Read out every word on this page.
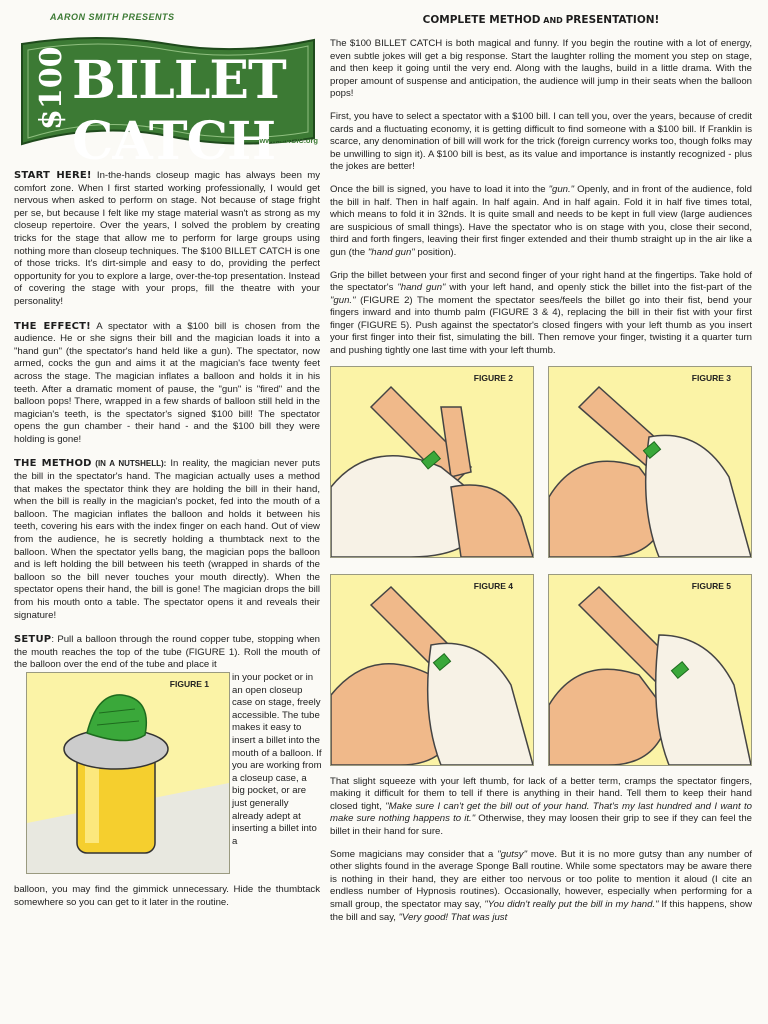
AARON SMITH PRESENTS
$100 BILLET CATCH
www.MAGIC.org

START HERE! In-the-hands closeup magic has always been my comfort zone. When I first started working professionally, I would get nervous when asked to perform on stage. Not because of stage fright per se, but because I felt like my stage material wasn't as strong as my closeup repertoire. Over the years, I solved the problem by creating tricks for the stage that allow me to perform for large groups using nothing more than closeup techniques. The $100 BILLET CATCH is one of those tricks. It's dirt-simple and easy to do, providing the perfect opportunity for you to explore a large, over-the-top presentation. Instead of covering the stage with your props, fill the theatre with your personality!

THE EFFECT! A spectator with a $100 bill is chosen from the audience. He or she signs their bill and the magician loads it into a "hand gun" (the spectator's hand held like a gun). The spectator, now armed, cocks the gun and aims it at the magician's face twenty feet across the stage. The magician inflates a balloon and holds it in his teeth. After a dramatic moment of pause, the "gun" is "fired" and the balloon pops! There, wrapped in a few shards of balloon still held in the magician's teeth, is the spectator's signed $100 bill! The spectator opens the gun chamber - their hand - and the $100 bill they were holding is gone!

THE METHOD (IN A NUTSHELL): In reality, the magician never puts the bill in the spectator's hand. The magician actually uses a method that makes the spectator think they are holding the bill in their hand, when the bill is really in the magician's pocket, fed into the mouth of a balloon. The magician inflates the balloon and holds it between his teeth, covering his ears with the index finger on each hand. Out of view from the audience, he is secretly holding a thumbtack next to the balloon. When the spectator yells bang, the magician pops the balloon and is left holding the bill between his teeth (wrapped in shards of the balloon so the bill never touches your mouth directly). When the spectator opens their hand, the bill is gone! The magician drops the bill from his mouth onto a table. The spectator opens it and reveals their signature!

SETUP: Pull a balloon through the round copper tube, stopping when the mouth reaches the top of the tube (FIGURE 1). Roll the mouth of the balloon over the end of the tube and place it

FIGURE 1

in your pocket or in an open closeup case on stage, freely accessible. The tube makes it easy to insert a billet into the mouth of a balloon. If you are working from a closeup case, a big pocket, or are just generally already adept at inserting a billet into a

balloon, you may find the gimmick unnecessary. Hide the thumbtack somewhere so you can get to it later in the routine.

COMPLETE METHOD AND PRESENTATION!

The $100 BILLET CATCH is both magical and funny. If you begin the routine with a lot of energy, even subtle jokes will get a big response. Start the laughter rolling the moment you step on stage, and then keep it going until the very end. Along with the laughs, build in a little drama. With the proper amount of suspense and anticipation, the audience will jump in their seats when the balloon pops!

First, you have to select a spectator with a $100 bill. I can tell you, over the years, because of credit cards and a fluctuating economy, it is getting difficult to find someone with a $100 bill. If Franklin is scarce, any denomination of bill will work for the trick (foreign currency works too, though folks may be unwilling to sign it). A $100 bill is best, as its value and importance is instantly recognized - plus the jokes are better!

Once the bill is signed, you have to load it into the "gun." Openly, and in front of the audience, fold the bill in half. Then in half again. In half again. And in half again. Fold it in half five times total, which means to fold it in 32nds. It is quite small and needs to be kept in full view (large audiences are suspicious of small things). Have the spectator who is on stage with you, close their second, third and forth fingers, leaving their first finger extended and their thumb straight up in the air like a gun (the "hand gun" position).

Grip the billet between your first and second finger of your right hand at the fingertips. Take hold of the spectator's "hand gun" with your left hand, and openly stick the billet into the fist-part of the "gun." (FIGURE 2) The moment the spectator sees/feels the billet go into their fist, bend your fingers inward and into thumb palm (FIGURE 3 & 4), replacing the bill in their fist with your first finger (FIGURE 5). Push against the spectator's closed fingers with your left thumb as you insert your first finger into their fist, simulating the bill. Then remove your finger, twisting it a quarter turn and pushing tightly one last time with your left thumb.

FIGURE 2	FIGURE 3
FIGURE 4	FIGURE 5

That slight squeeze with your left thumb, for lack of a better term, cramps the spectator fingers, making it difficult for them to tell if there is anything in their hand. Tell them to keep their hand closed tight, "Make sure I can't get the bill out of your hand. That's my last hundred and I want to make sure nothing happens to it." Otherwise, they may loosen their grip to see if they can feel the billet in their hand for sure.

Some magicians may consider that a "gutsy" move. But it is no more gutsy than any number of other slights found in the average Sponge Ball routine. While some spectators may be aware there is nothing in their hand, they are either too nervous or too polite to mention it aloud (I cite an endless number of Hypnosis routines). Occasionally, however, especially when performing for a small group, the spectator may say, "You didn't really put the bill in my hand." If this happens, show the bill and say, "Very good! That was just
